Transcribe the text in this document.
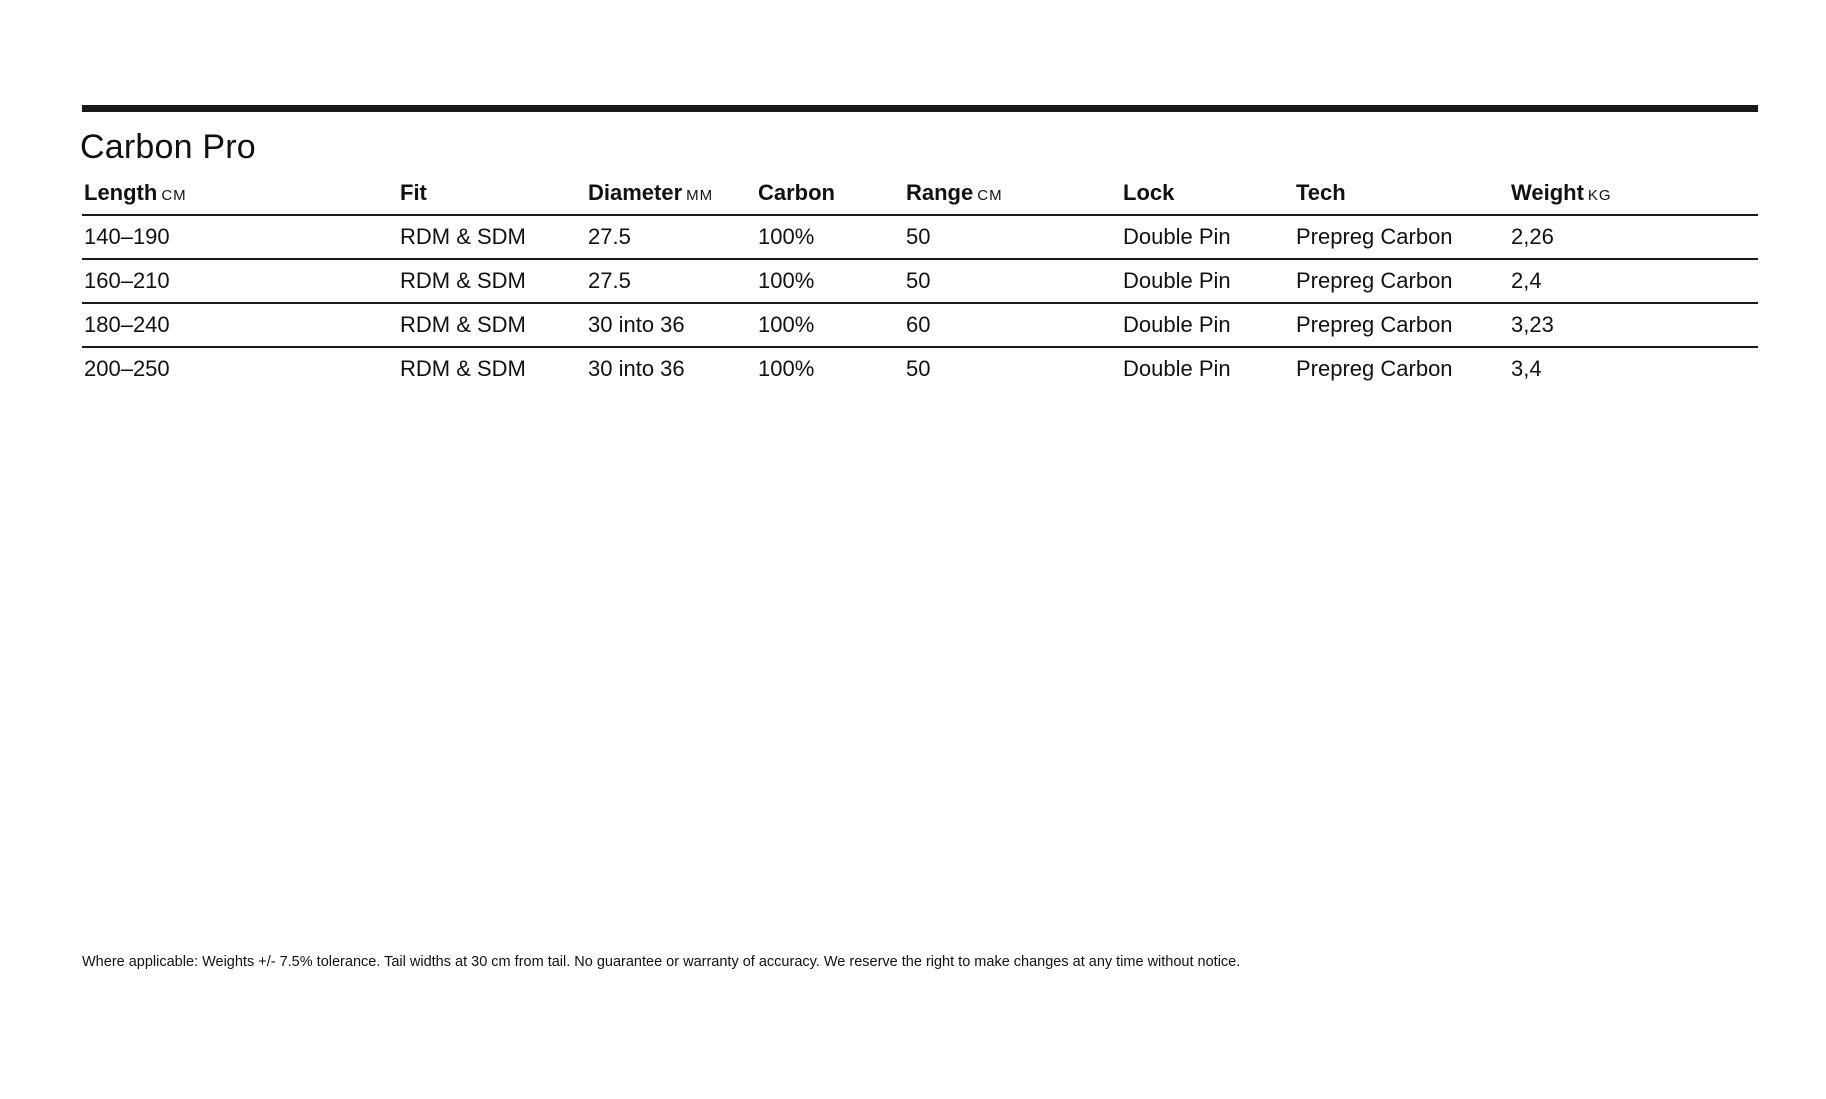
Carbon Pro
Length CM	Fit	Diameter MM	Carbon	Range CM	Lock	Tech	Weight KG
140–190	RDM & SDM	27.5	100%	50	Double Pin	Prepreg Carbon	2,26
160–210	RDM & SDM	27.5	100%	50	Double Pin	Prepreg Carbon	2,4
180–240	RDM & SDM	30 into 36	100%	60	Double Pin	Prepreg Carbon	3,23
200–250	RDM & SDM	30 into 36	100%	50	Double Pin	Prepreg Carbon	3,4
Where applicable: Weights +/- 7.5% tolerance. Tail widths at 30 cm from tail. No guarantee or warranty of accuracy. We reserve the right to make changes at any time without notice.
